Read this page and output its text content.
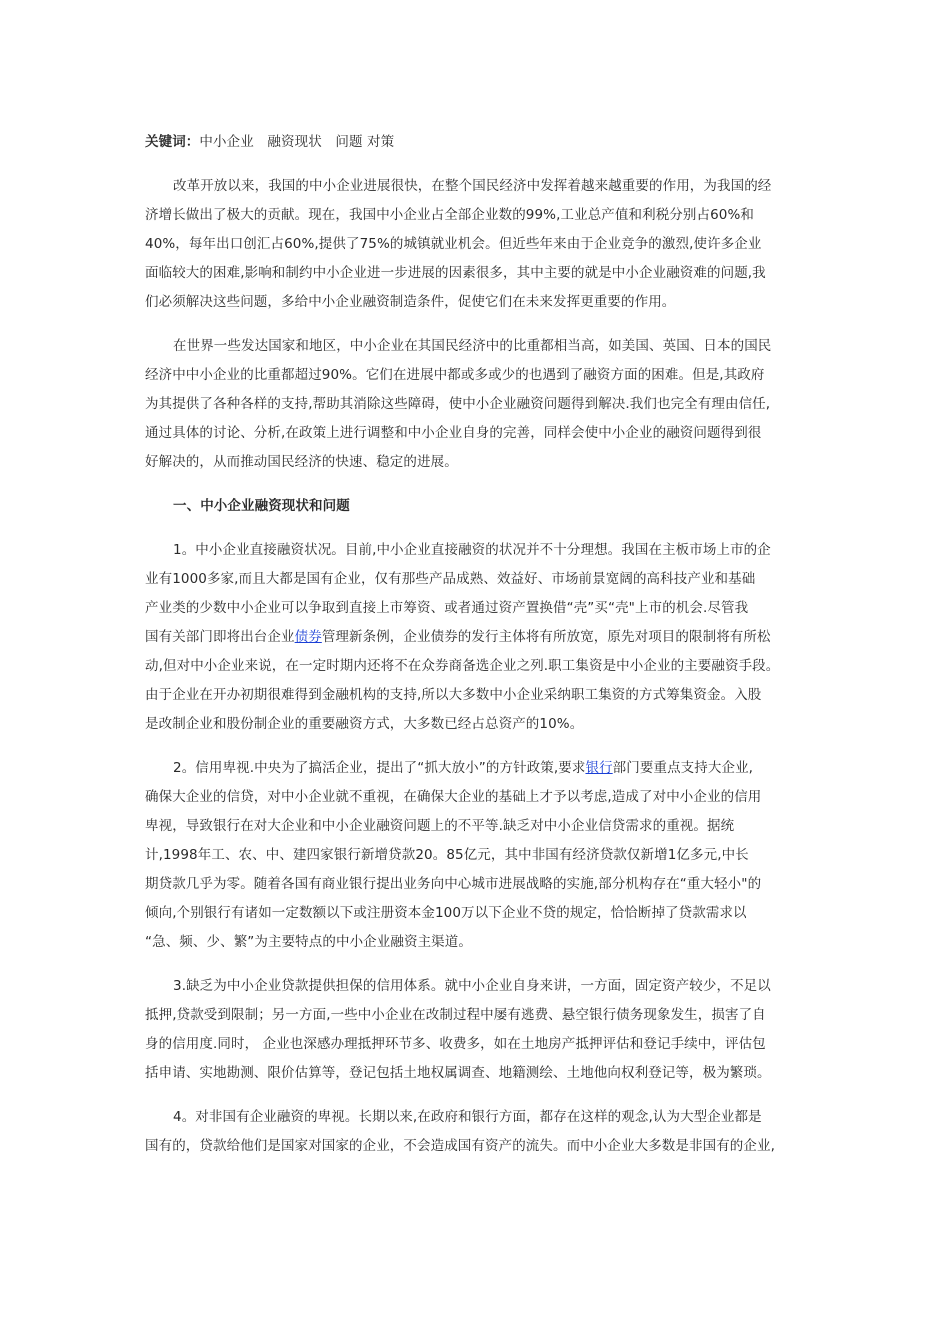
关键词：中小企业　融资现状　问题 对策
改革开放以来，我国的中小企业进展很快，在整个国民经济中发挥着越来越重要的作用，为我国的经
济增长做出了极大的贡献。现在，我国中小企业占全部企业数的99%,工业总产值和利税分别占60%和
40%，每年出口创汇占60%,提供了75%的城镇就业机会。但近些年来由于企业竞争的激烈,使许多企业
面临较大的困难,影响和制约中小企业进一步进展的因素很多，其中主要的就是中小企业融资难的问题,我
们必须解决这些问题，多给中小企业融资制造条件，促使它们在未来发挥更重要的作用。
在世界一些发达国家和地区，中小企业在其国民经济中的比重都相当高，如美国、英国、日本的国民
经济中中小企业的比重都超过90%。它们在进展中都或多或少的也遇到了融资方面的困难。但是,其政府
为其提供了各种各样的支持,帮助其消除这些障碍，使中小企业融资问题得到解决.我们也完全有理由信任,
通过具体的讨论、分析,在政策上进行调整和中小企业自身的完善，同样会使中小企业的融资问题得到很
好解决的，从而推动国民经济的快速、稳定的进展。
一、中小企业融资现状和问题
1。中小企业直接融资状况。目前,中小企业直接融资的状况并不十分理想。我国在主板市场上市的企
业有1000多家,而且大都是国有企业，仅有那些产品成熟、效益好、市场前景宽阔的高科技产业和基础
产业类的少数中小企业可以争取到直接上市筹资、或者通过资产置换借“壳”买“壳"上市的机会.尽管我
国有关部门即将出台企业债券管理新条例，企业债券的发行主体将有所放宽，原先对项目的限制将有所松
动,但对中小企业来说，在一定时期内还将不在众券商备选企业之列.职工集资是中小企业的主要融资手段。
由于企业在开办初期很难得到金融机构的支持,所以大多数中小企业采纳职工集资的方式筹集资金。入股
是改制企业和股份制企业的重要融资方式，大多数已经占总资产的10%。
2。信用卑视.中央为了搞活企业，提出了“抓大放小”的方针政策,要求银行部门要重点支持大企业,
确保大企业的信贷，对中小企业就不重视，在确保大企业的基础上才予以考虑,造成了对中小企业的信用
卑视，导致银行在对大企业和中小企业融资问题上的不平等.缺乏对中小企业信贷需求的重视。据统
计,1998年工、农、中、建四家银行新增贷款20。85亿元，其中非国有经济贷款仅新增1亿多元,中长
期贷款几乎为零。随着各国有商业银行提出业务向中心城市进展战略的实施,部分机构存在“重大轻小"的
倾向,个别银行有诸如一定数额以下或注册资本金100万以下企业不贷的规定，恰恰断掉了贷款需求以
“急、频、少、繁”为主要特点的中小企业融资主渠道。
3.缺乏为中小企业贷款提供担保的信用体系。就中小企业自身来讲，一方面，固定资产较少，不足以
抵押,贷款受到限制；另一方面,一些中小企业在改制过程中屡有逃费、悬空银行债务现象发生，损害了自
身的信用度.同时， 企业也深感办理抵押环节多、收费多，如在土地房产抵押评估和登记手续中，评估包
括申请、实地勘测、限价估算等，登记包括土地权属调查、地籍测绘、土地他向权利登记等，极为繁琐。
4。对非国有企业融资的卑视。长期以来,在政府和银行方面，都存在这样的观念,认为大型企业都是
国有的，贷款给他们是国家对国家的企业，不会造成国有资产的流失。而中小企业大多数是非国有的企业,
